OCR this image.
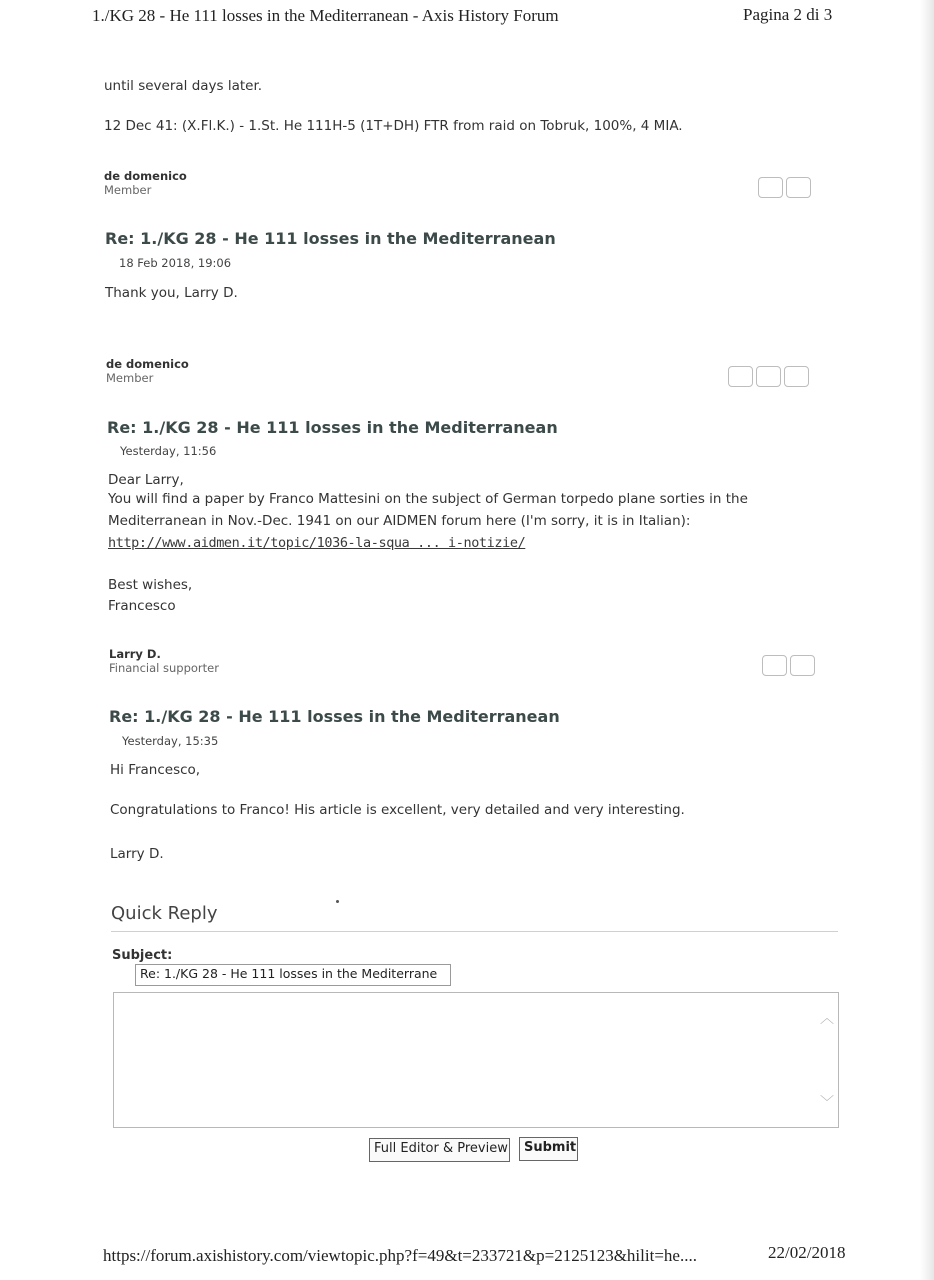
1./KG 28 - He 111 losses in the Mediterranean - Axis History Forum	Pagina 2 di 3
until several days later.
12 Dec 41: (X.Fl.K.) - 1.St. He 111H-5 (1T+DH) FTR from raid on Tobruk, 100%, 4 MIA.
de domenico
Member
Re: 1./KG 28 - He 111 losses in the Mediterranean
18 Feb 2018, 19:06
Thank you, Larry D.
de domenico
Member
Re: 1./KG 28 - He 111 losses in the Mediterranean
Yesterday, 11:56
Dear Larry,
You will find a paper by Franco Mattesini on the subject of German torpedo plane sorties in the
Mediterranean in Nov.-Dec. 1941 on our AIDMEN forum here (I'm sorry, it is in Italian):
http://www.aidmen.it/topic/1036-la-squa ... i-notizie/
Best wishes,
Francesco
Larry D.
Financial supporter
Re: 1./KG 28 - He 111 losses in the Mediterranean
Yesterday, 15:35
Hi Francesco,
Congratulations to Franco! His article is excellent, very detailed and very interesting.
Larry D.
Quick Reply
Subject:
Re: 1./KG 28 - He 111 losses in the Mediterrane
︿
﹀
Full Editor & Preview	Submit
https://forum.axishistory.com/viewtopic.php?f=49&t=233721&p=2125123&hilit=he....	22/02/2018
